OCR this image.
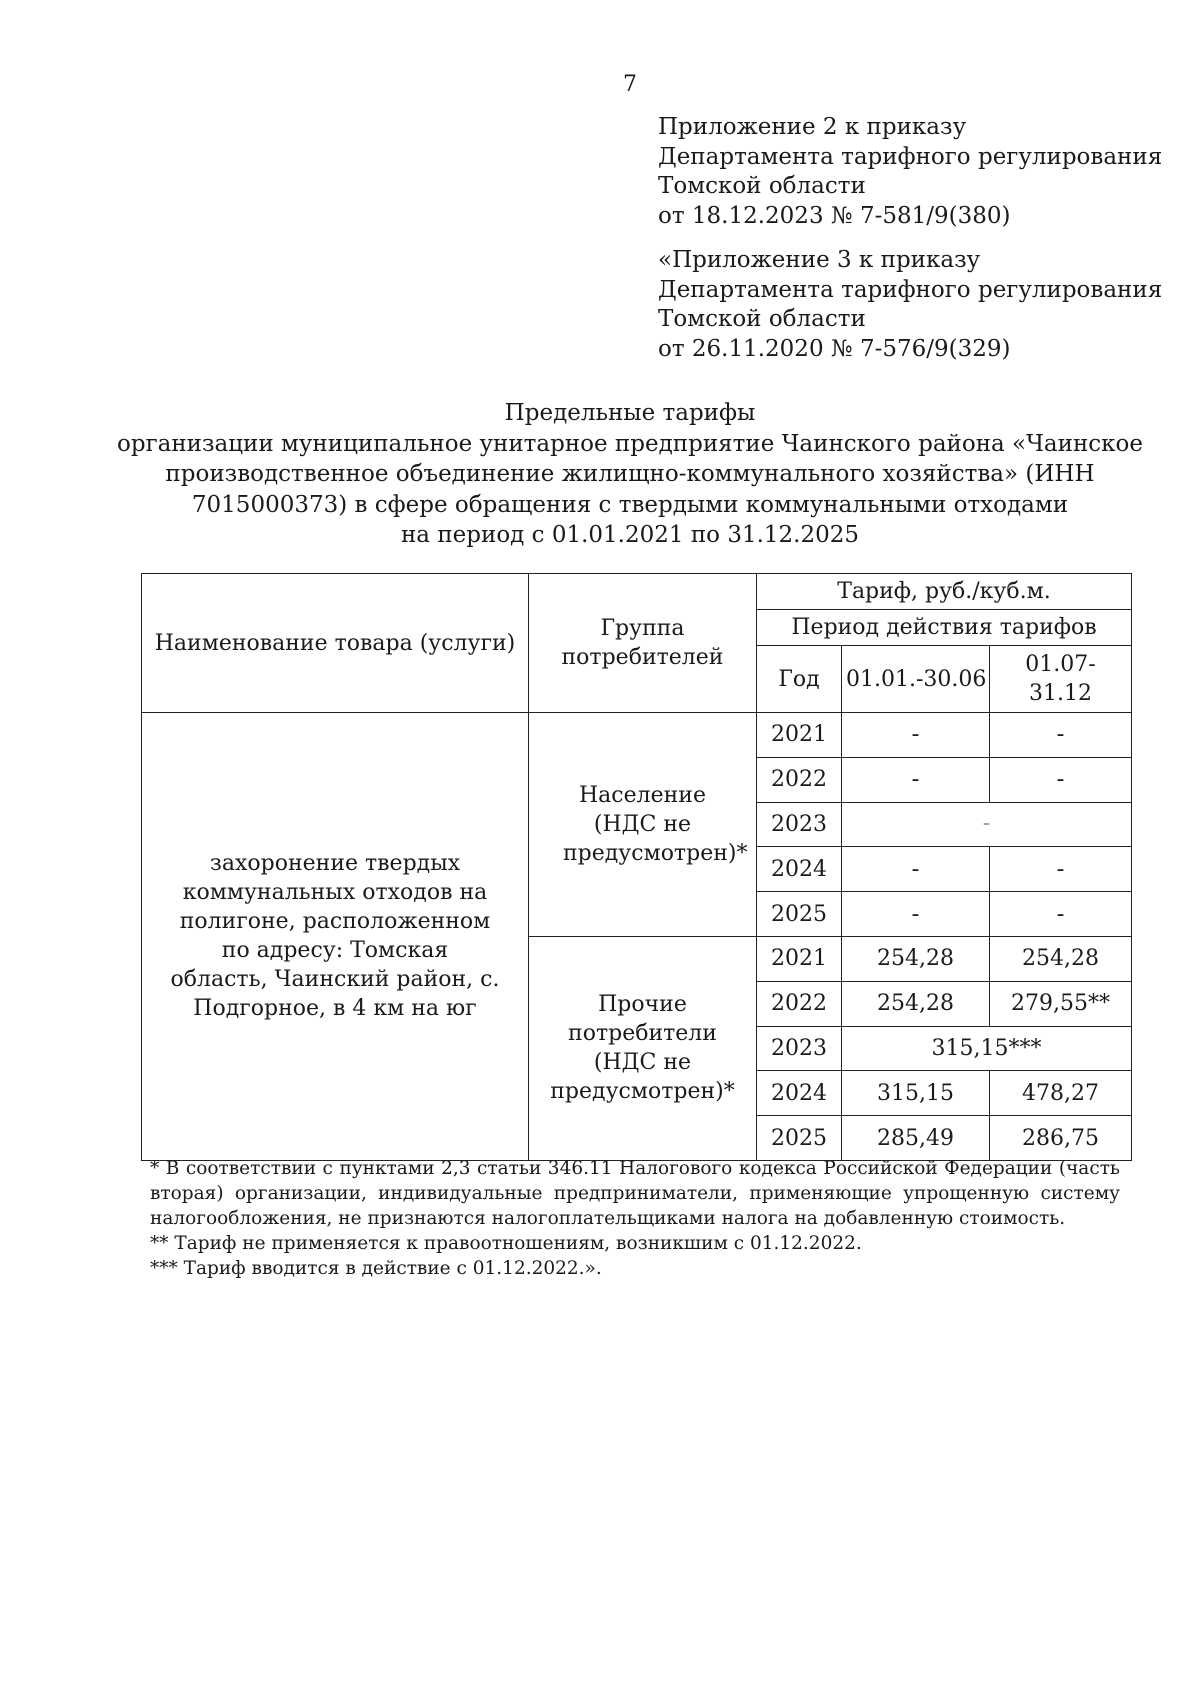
7
Приложение 2 к приказу
Департамента тарифного регулирования
Томской области
от 18.12.2023 № 7-581/9(380)
«Приложение 3 к приказу
Департамента тарифного регулирования
Томской области
от 26.11.2020 № 7-576/9(329)
Предельные тарифы
организации муниципальное унитарное предприятие Чаинского района «Чаинское
производственное объединение жилищно-коммунального хозяйства» (ИНН
7015000373) в сфере обращения с твердыми коммунальными отходами
на период с 01.01.2021 по 31.12.2025
Наименование товара (услуги)	Группа потребителей	Тариф, руб./куб.м.		
		Период действия тарифов		
		Год	01.01.-30.06	01.07-31.12
захоронение твердых коммунальных отходов на полигоне, расположенном по адресу: Томская область, Чаинский район, с. Подгорное, в 4 км на юг	Население (НДС не предусмотрен)*	2021	-	-
		2022	-	-
		2023	–	
		2024	-	-
		2025	-	-
	Прочие потребители (НДС не предусмотрен)*	2021	254,28	254,28
		2022	254,28	279,55**
		2023	315,15***	
		2024	315,15	478,27
		2025	285,49	286,75

* В соответствии с пунктами 2,3 статьи 346.11 Налогового кодекса Российской Федерации (часть вторая) организации, индивидуальные предприниматели, применяющие упрощенную систему налогообложения, не признаются налогоплательщиками налога на добавленную стоимость.

** Тариф не применяется к правоотношениям, возникшим с 01.12.2022.

*** Тариф вводится в действие с 01.12.2022.».
